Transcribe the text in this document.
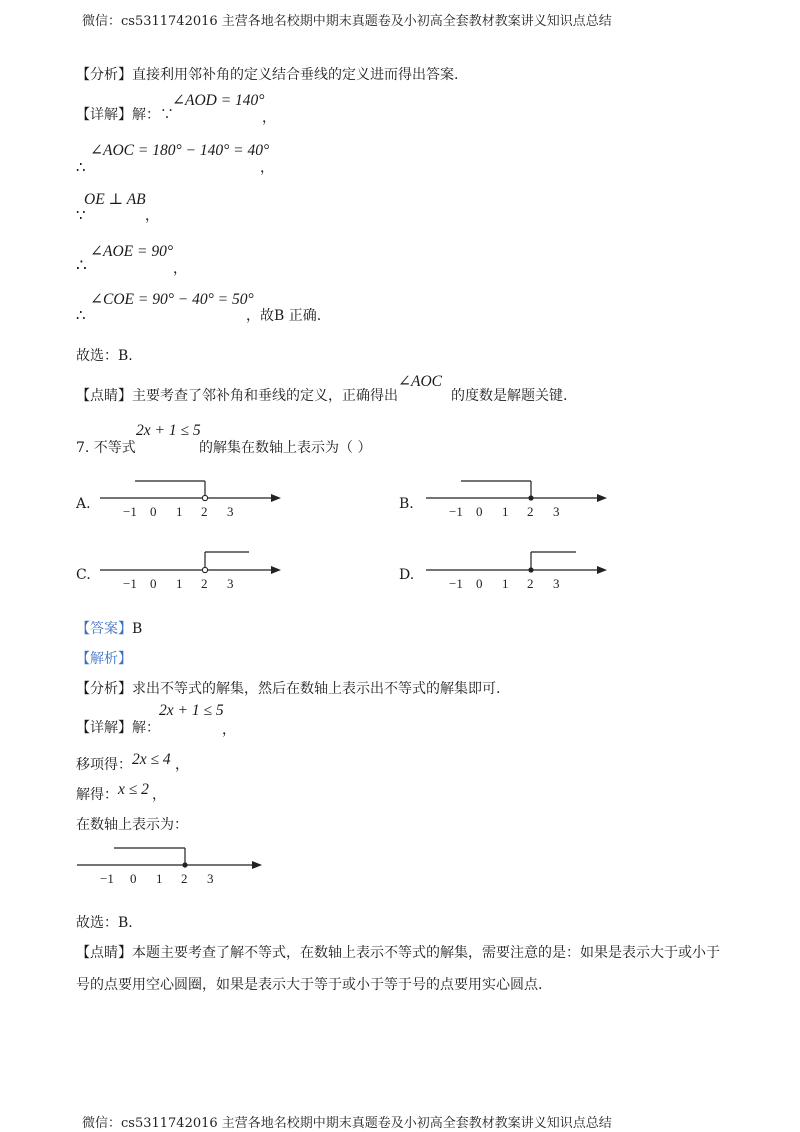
微信：cs5311742016 主营各地名校期中期末真题卷及小初高全套教材教案讲义知识点总结
微信：cs5311742016 主营各地名校期中期末真题卷及小初高全套教材教案讲义知识点总结
【分析】直接利用邻补角的定义结合垂线的定义进而得出答案.
【详解】解：∵
∠AOD = 140°
，
∴
∠AOC = 180° − 140° = 40°
，
∵
OE ⊥ AB
，
∴
∠AOE = 90°
，
∴
∠COE = 90° − 40° = 50°
，故B 正确.
故选：B.
【点睛】主要考查了邻补角和垂线的定义，正确得出
∠AOC
的度数是解题关键.
7. 不等式
2x + 1 ≤ 5
的解集在数轴上表示为（ ）
A. −1 0 1 2 3	B.	−1 0 1 2 3
C.
−1 0 1 2 3
D.
−1 0 1 2 3
【答案】B
【解析】
【分析】求出不等式的解集，然后在数轴上表示出不等式的解集即可.
【详解】解：
2x + 1 ≤ 5
，
移项得： 2x ≤ 4 ，
解得： x ≤ 2 ，
在数轴上表示为：
−1 0 1 2 3
故选：B.
【点睛】本题主要考查了解不等式，在数轴上表示不等式的解集，需要注意的是：如果是表示大于或小于
号的点要用空心圆圈，如果是表示大于等于或小于等于号的点要用实心圆点.
